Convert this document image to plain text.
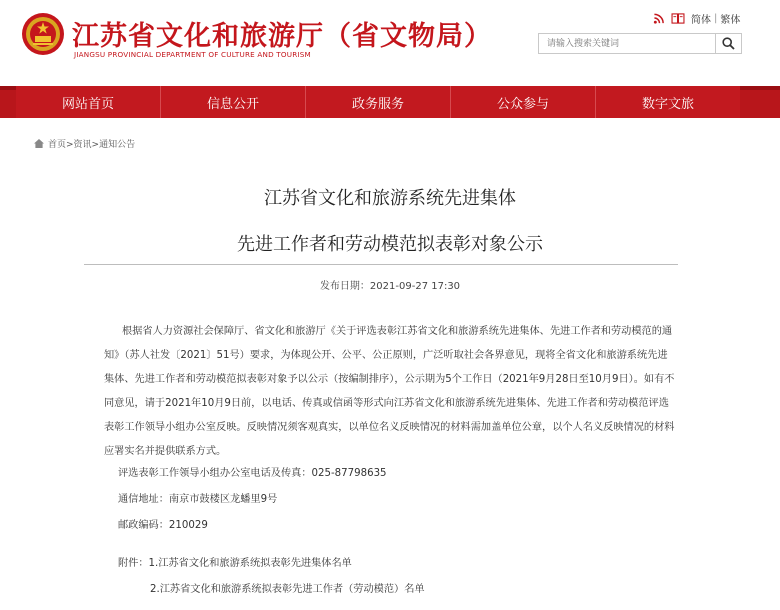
江苏省文化和旅游厅（省文物局）
JIANGSU PROVINCIAL DEPARTMENT OF CULTURE AND TOURISM
简体 | 繁体
请输入搜索关键词
网站首页	信息公开	政务服务	公众参与	数字文旅
首页>资讯>通知公告
江苏省文化和旅游系统先进集体
先进工作者和劳动模范拟表彰对象公示
发布日期：2021-09-27 17:30

根据省人力资源社会保障厅、省文化和旅游厅《关于评选表彰江苏省文化和旅游系统先进集体、先进工作者和劳动模范的通知》（苏人社发〔2021〕51号）要求，为体现公开、公平、公正原则，广泛听取社会各界意见，现将全省文化和旅游系统先进集体、先进工作者和劳动模范拟表彰对象予以公示（按编制排序），公示期为5个工作日（2021年9月28日至10月9日）。如有不同意见，请于2021年10月9日前，以电话、传真或信函等形式向江苏省文化和旅游系统先进集体、先进工作者和劳动模范评选表彰工作领导小组办公室反映。反映情况须客观真实，以单位名义反映情况的材料需加盖单位公章，以个人名义反映情况的材料应署实名并提供联系方式。

评选表彰工作领导小组办公室电话及传真：025-87798635
通信地址：南京市鼓楼区龙蟠里9号
邮政编码：210029
附件：1.江苏省文化和旅游系统拟表彰先进集体名单
2.江苏省文化和旅游系统拟表彰先进工作者（劳动模范）名单
